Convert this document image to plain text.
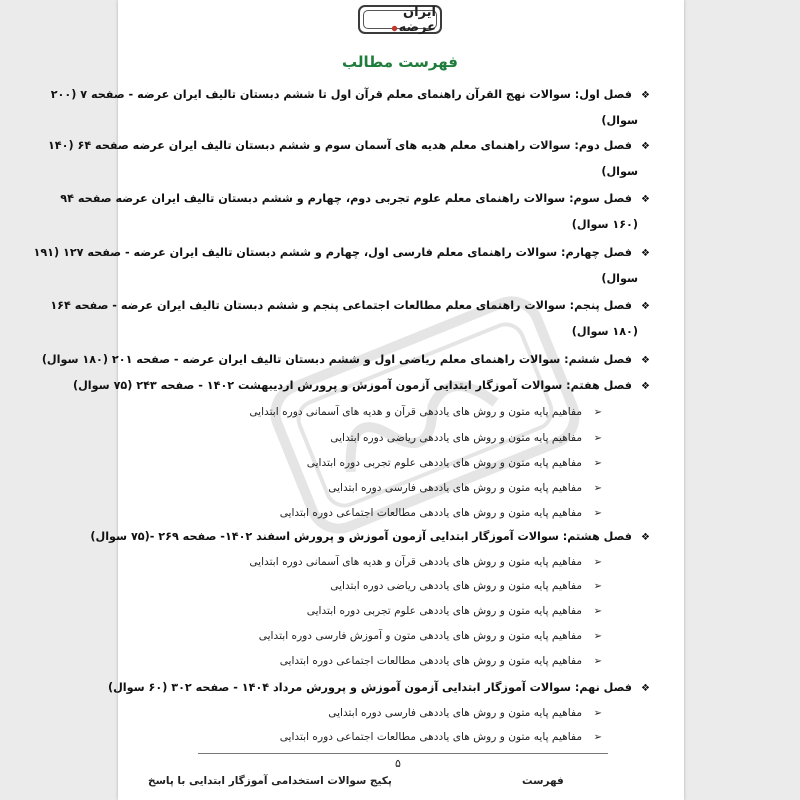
ایران عرضه
فهرست مطالب
❖فصل اول: سوالات نهج القرآن راهنمای معلم قرآن اول تا ششم دبستان تالیف ایران عرضه - صفحه ۷ (۲۰۰
سوال)
❖فصل دوم: سوالات راهنمای معلم هدیه های آسمان سوم و ششم دبستان تالیف ایران عرضه صفحه ۶۴ (۱۴۰
سوال)
❖فصل سوم: سوالات راهنمای معلم علوم تجربی دوم، چهارم و ششم دبستان تالیف ایران عرضه صفحه ۹۴
(۱۶۰ سوال)
❖فصل چهارم: سوالات راهنمای معلم فارسی اول، چهارم و ششم دبستان تالیف ایران عرضه - صفحه ۱۲۷ (۱۹۱
سوال)
❖فصل پنجم: سوالات راهنمای معلم مطالعات اجتماعی پنجم و ششم دبستان تالیف ایران عرضه - صفحه ۱۶۴
(۱۸۰ سوال)
❖فصل ششم: سوالات راهنمای معلم ریاضی اول و ششم دبستان تالیف ایران عرضه - صفحه ۲۰۱ (۱۸۰ سوال)
❖فصل هفتم: سوالات آموزگار ابتدایی آزمون آموزش و پرورش اردیبهشت ۱۴۰۲ - صفحه ۲۴۳ (۷۵ سوال)
➢مفاهیم پایه متون و روش های یاددهی قرآن و هدیه های آسمانی دوره ابتدایی
➢مفاهیم پایه متون و روش های یاددهی ریاضی دوره ابتدایی
➢مفاهیم پایه متون و روش های یاددهی علوم تجربی دوره ابتدایی
➢مفاهیم پایه متون و روش های یاددهی فارسی دوره ابتدایی
➢مفاهیم پایه متون و روش های یاددهی مطالعات اجتماعی دوره ابتدایی
❖فصل هشتم: سوالات آموزگار ابتدایی آزمون آموزش و پرورش اسفند ۱۴۰۲- صفحه ۲۶۹ -(۷۵ سوال)
➢مفاهیم پایه متون و روش های یاددهی قرآن و هدیه های آسمانی دوره ابتدایی
➢مفاهیم پایه متون و روش های یاددهی ریاضی دوره ابتدایی
➢مفاهیم پایه متون و روش های یاددهی علوم تجربی دوره ابتدایی
➢مفاهیم پایه متون و روش های یاددهی متون و آموزش فارسی دوره ابتدایی
➢مفاهیم پایه متون و روش های یاددهی مطالعات اجتماعی دوره ابتدایی
❖فصل نهم: سوالات آموزگار ابتدایی آزمون آموزش و پرورش مرداد ۱۴۰۴ - صفحه ۳۰۲ (۶۰ سوال)
➢مفاهیم پایه متون و روش های یاددهی فارسی دوره ابتدایی
➢مفاهیم پایه متون و روش های یاددهی مطالعات اجتماعی دوره ابتدایی
۵
پکیج سوالات استخدامی آموزگار ابتدایی با پاسخ	فهرست
